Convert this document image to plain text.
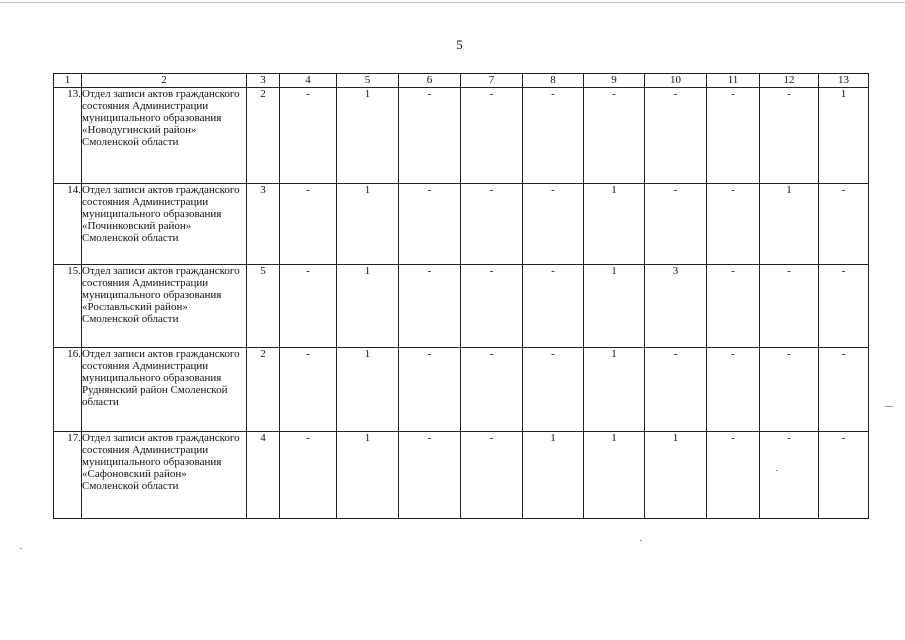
5
1	2	3	4	5	6	7	8	9	10	11	12	13
13.	Отдел записи актов гражданского состояния Администрации муниципального образования «Новодугинский район» Смоленской области	2	-	1	-	-	-	-	-	-	-	1
14.	Отдел записи актов гражданского состояния Администрации муниципального образования «Починковский район» Смоленской области	3	-	1	-	-	-	1	-	-	1	-
15.	Отдел записи актов гражданского состояния Администрации муниципального образования «Рославльский район» Смоленской области	5	-	1	-	-	-	1	3	-	-	-
16.	Отдел записи актов гражданского состояния Администрации муниципального образования Руднянский район Смоленской области	2	-	1	-	-	-	1	-	-	-	-
17.	Отдел записи актов гражданского состояния Администрации муниципального образования «Сафоновский район» Смоленской области	4	-	1	-	-	1	1	1	-	-	-
